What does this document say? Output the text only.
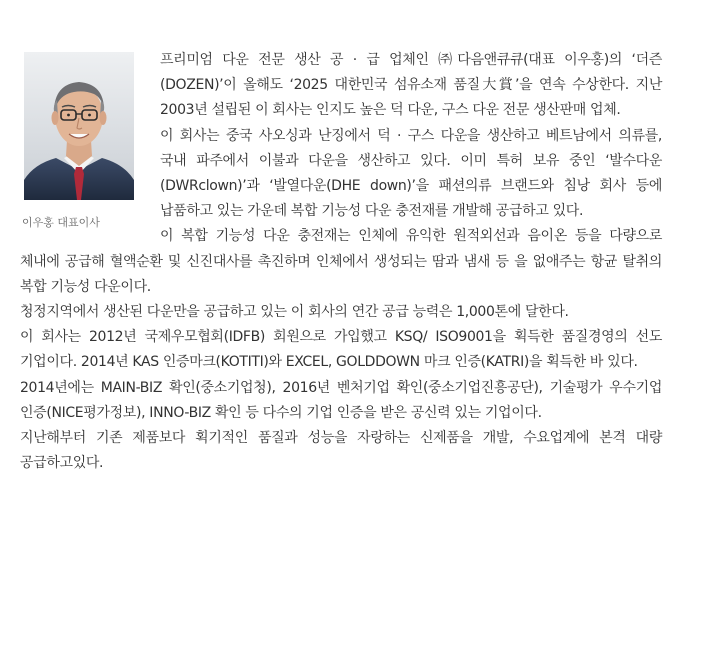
이우홍 대표이사

프리미엄 다운 전문 생산 공 · 급 업체인 ㈜다음앤큐큐(대표 이우홍)의 ‘더즌(DOZEN)’이 올해도 ‘2025 대한민국 섬유소재 품질大賞’을 연속 수상한다. 지난 2003년 설립된 이 회사는 인지도 높은 덕 다운, 구스 다운 전문 생산판매 업체.

이 회사는 중국 사오싱과 난징에서 덕 · 구스 다운을 생산하고 베트남에서 의류를, 국내 파주에서 이불과 다운을 생산하고 있다. 이미 특허 보유 중인 ‘발수다운(DWRclown)’과 ‘발열다운(DHE down)’을 패션의류 브랜드와 침낭 회사 등에 납품하고 있는 가운데 복합 기능성 다운 충전재를 개발해 공급하고 있다.

이 복합 기능성 다운 충전재는 인체에 유익한 원적외선과 음이온 등을 다량으로 체내에 공급해 혈액순환 및 신진대사를 촉진하며 인체에서 생성되는 땀과 냄새 등 을 없애주는 항균 탈취의 복합 기능성 다운이다.

청정지역에서 생산된 다운만을 공급하고 있는 이 회사의 연간 공급 능력은 1,000톤에 달한다.

이 회사는 2012년 국제우모협회(IDFB) 회원으로 가입했고 KSQ/ ISO9001을 획득한 품질경영의 선도 기업이다. 2014년 KAS 인증마크(KOTITI)와 EXCEL, GOLDDOWN 마크 인증(KATRI)을 획득한 바 있다.

2014년에는 MAIN-BIZ 확인(중소기업청), 2016년 벤처기업 확인(중소기업진흥공단), 기술평가 우수기업 인증(NICE평가정보), INNO-BIZ 확인 등 다수의 기업 인증을 받은 공신력 있는 기업이다.

지난해부터 기존 제품보다 획기적인 품질과 성능을 자랑하는 신제품을 개발, 수요업계에 본격 대량 공급하고있다.
